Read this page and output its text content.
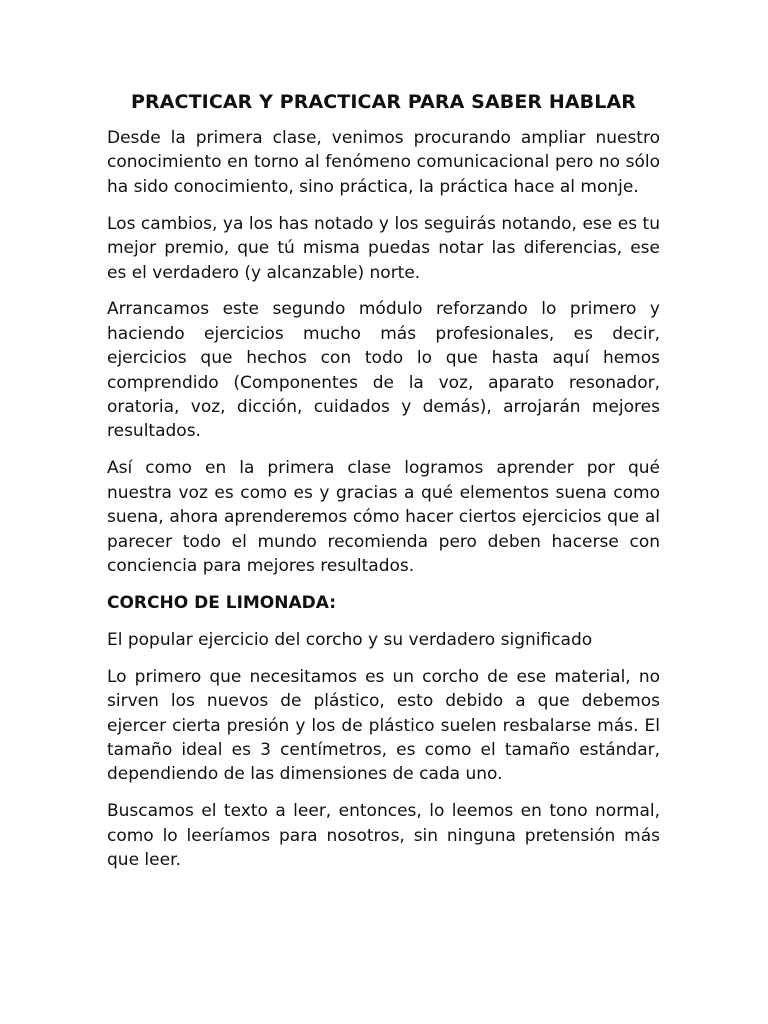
PRACTICAR Y PRACTICAR PARA SABER HABLAR

Desde la primera clase, venimos procurando ampliar nuestro conocimiento en torno al fenómeno comunicacional pero no sólo ha sido conocimiento, sino práctica, la práctica hace al monje.

Los cambios, ya los has notado y los seguirás notando, ese es tu mejor premio, que tú misma puedas notar las diferencias, ese es el verdadero (y alcanzable) norte.

Arrancamos este segundo módulo reforzando lo primero y haciendo ejercicios mucho más profesionales, es decir, ejercicios que hechos con todo lo que hasta aquí hemos comprendido (Componentes de la voz, aparato resonador, oratoria, voz, dicción, cuidados y demás), arrojarán mejores resultados.

Así como en la primera clase logramos aprender por qué nuestra voz es como es y gracias a qué elementos suena como suena, ahora aprenderemos cómo hacer ciertos ejercicios que al parecer todo el mundo recomienda pero deben hacerse con conciencia para mejores resultados.

CORCHO DE LIMONADA:

El popular ejercicio del corcho y su verdadero significado

Lo primero que necesitamos es un corcho de ese material, no sirven los nuevos de plástico, esto debido a que debemos ejercer cierta presión y los de plástico suelen resbalarse más. El tamaño ideal es 3 centímetros, es como el tamaño estándar, dependiendo de las dimensiones de cada uno.

Buscamos el texto a leer, entonces, lo leemos en tono normal, como lo leeríamos para nosotros, sin ninguna pretensión más que leer.
